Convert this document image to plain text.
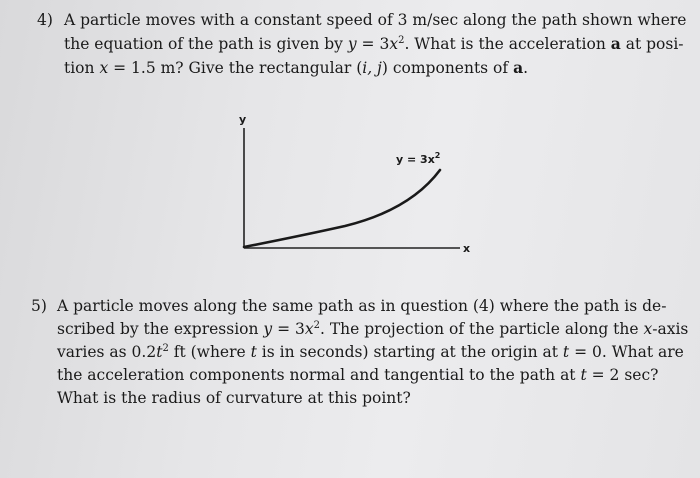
4) A particle moves with a constant speed of 3 m/sec along the path shown where
the equation of the path is given by $y = 3x^2$. What is the acceleration a at posi-
tion x = 1.5 m? Give the rectangular (i, j) components of a.
y
x
$y = 3x^2$
5) A particle moves along the same path as in question (4) where the path is de-
scribed by the expression $y = 3x^2$. The projection of the particle along the x-axis
varies as $0.2t^2$ ft (where t is in seconds) starting at the origin at t = 0. What are
the acceleration components normal and tangential to the path at t = 2 sec?
What is the radius of curvature at this point?
